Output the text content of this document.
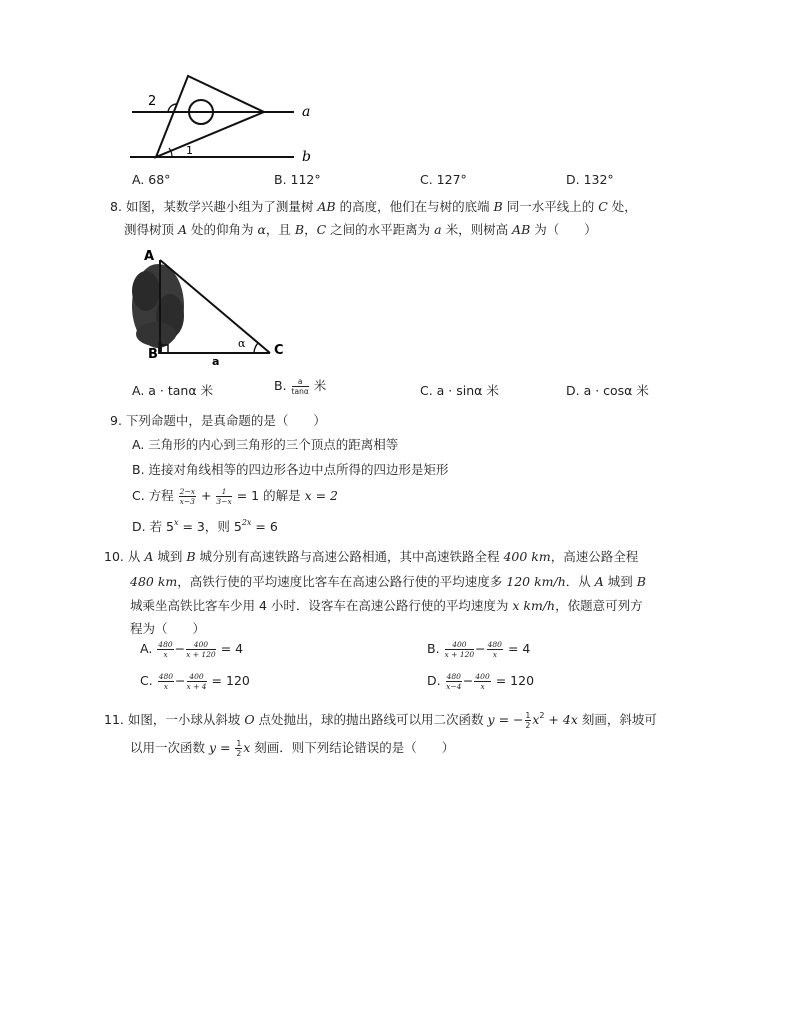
2
1
a
b
A. 68°	B. 112°	C. 127°	D. 132°
8. 如图，某数学兴趣小组为了测量树 AB 的高度，他们在与树的底端 B 同一水平线上的 C 处，
测得树顶 A 处的仰角为 α，且 B，C 之间的水平距离为 a 米，则树高 AB 为（　　）
A
B	C
a
α
A. a · tanα 米	B. $\frac{a}{\tan\alpha}$ 米	C. a · sinα 米	D. a · cosα 米
9. 下列命题中，是真命题的是（　　）
A. 三角形的内心到三角形的三个顶点的距离相等
B. 连接对角线相等的四边形各边中点所得的四边形是矩形
C. 方程 $\frac{2-x}{x-3} + \frac{1}{3-x} = 1$ 的解是 x = 2
D. 若 $5^x = 3$，则 $5^{2x} = 6$
10. 从 A 城到 B 城分别有高速铁路与高速公路相通，其中高速铁路全程 400 km，高速公路全程
480 km，高铁行使的平均速度比客车在高速公路行使的平均速度多 120 km/h．从 A 城到 B
城乘坐高铁比客车少用 4 小时．设客车在高速公路行使的平均速度为 x km/h，依题意可列方
程为（　　）
A. $\frac{480}{x} - \frac{400}{x + 120} = 4$	B. $\frac{400}{x + 120} - \frac{480}{x} = 4$
C. $\frac{480}{x} - \frac{400}{x + 4} = 120$	D. $\frac{480}{x-4} - \frac{400}{x} = 120$
11. 如图，一小球从斜坡 O 点处抛出，球的抛出路线可以用二次函数 y = − $\frac{1}{2} x^2 + 4x$ 刻画，斜坡可
以用一次函数 $y = \frac{1}{2}$ x 刻画．则下列结论错误的是（　　）
